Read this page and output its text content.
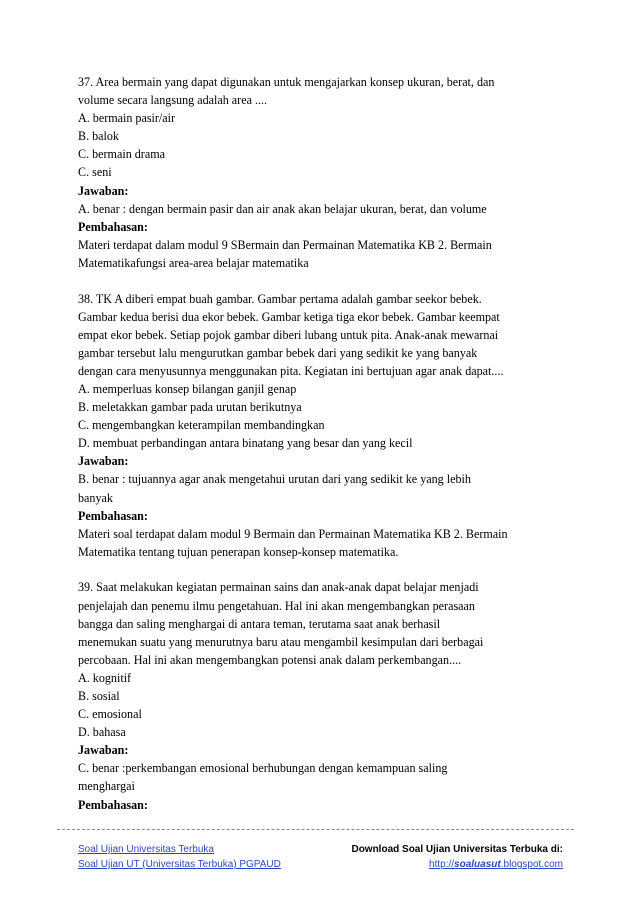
37. Area bermain yang dapat digunakan untuk mengajarkan konsep ukuran, berat, dan
volume secara langsung adalah area ....
A. bermain pasir/air
B. balok
C. bermain drama
C. seni
Jawaban:
A. benar : dengan bermain pasir dan air anak akan belajar ukuran, berat, dan volume
Pembahasan:
Materi terdapat dalam modul 9 SBermain dan Permainan Matematika KB 2. Bermain
Matematikafungsi area-area belajar matematika
38. TK A diberi empat buah gambar. Gambar pertama adalah gambar seekor bebek.
Gambar kedua berisi dua ekor bebek. Gambar ketiga tiga ekor bebek. Gambar keempat
empat ekor bebek. Setiap pojok gambar diberi lubang untuk pita. Anak-anak mewarnai
gambar tersebut lalu mengurutkan gambar bebek dari yang sedikit ke yang banyak
dengan cara menyusunnya menggunakan pita. Kegiatan ini bertujuan agar anak dapat....
A. memperluas konsep bilangan ganjil genap
B. meletakkan gambar pada urutan berikutnya
C. mengembangkan keterampilan membandingkan
D. membuat perbandingan antara binatang yang besar dan yang kecil
Jawaban:
B. benar : tujuannya agar anak mengetahui urutan dari yang sedikit ke yang lebih
banyak
Pembahasan:
Materi soal terdapat dalam modul 9 Bermain dan Permainan Matematika KB 2. Bermain
Matematika tentang tujuan penerapan konsep-konsep matematika.
39. Saat melakukan kegiatan permainan sains dan anak-anak dapat belajar menjadi
penjelajah dan penemu ilmu pengetahuan. Hal ini akan mengembangkan perasaan
bangga dan saling menghargai di antara teman, terutama saat anak berhasil
menemukan suatu yang menurutnya baru atau mengambil kesimpulan dari berbagai
percobaan. Hal ini akan mengembangkan potensi anak dalam perkembangan....
A. kognitif
B. sosial
C. emosional
D. bahasa
Jawaban:
C. benar :perkembangan emosional berhubungan dengan kemampuan saling
menghargai
Pembahasan:
Soal Ujian Universitas Terbuka
Soal Ujian UT (Universitas Terbuka) PGPAUD
Download Soal Ujian Universitas Terbuka di:
http://soaluasut.blogspot.com
